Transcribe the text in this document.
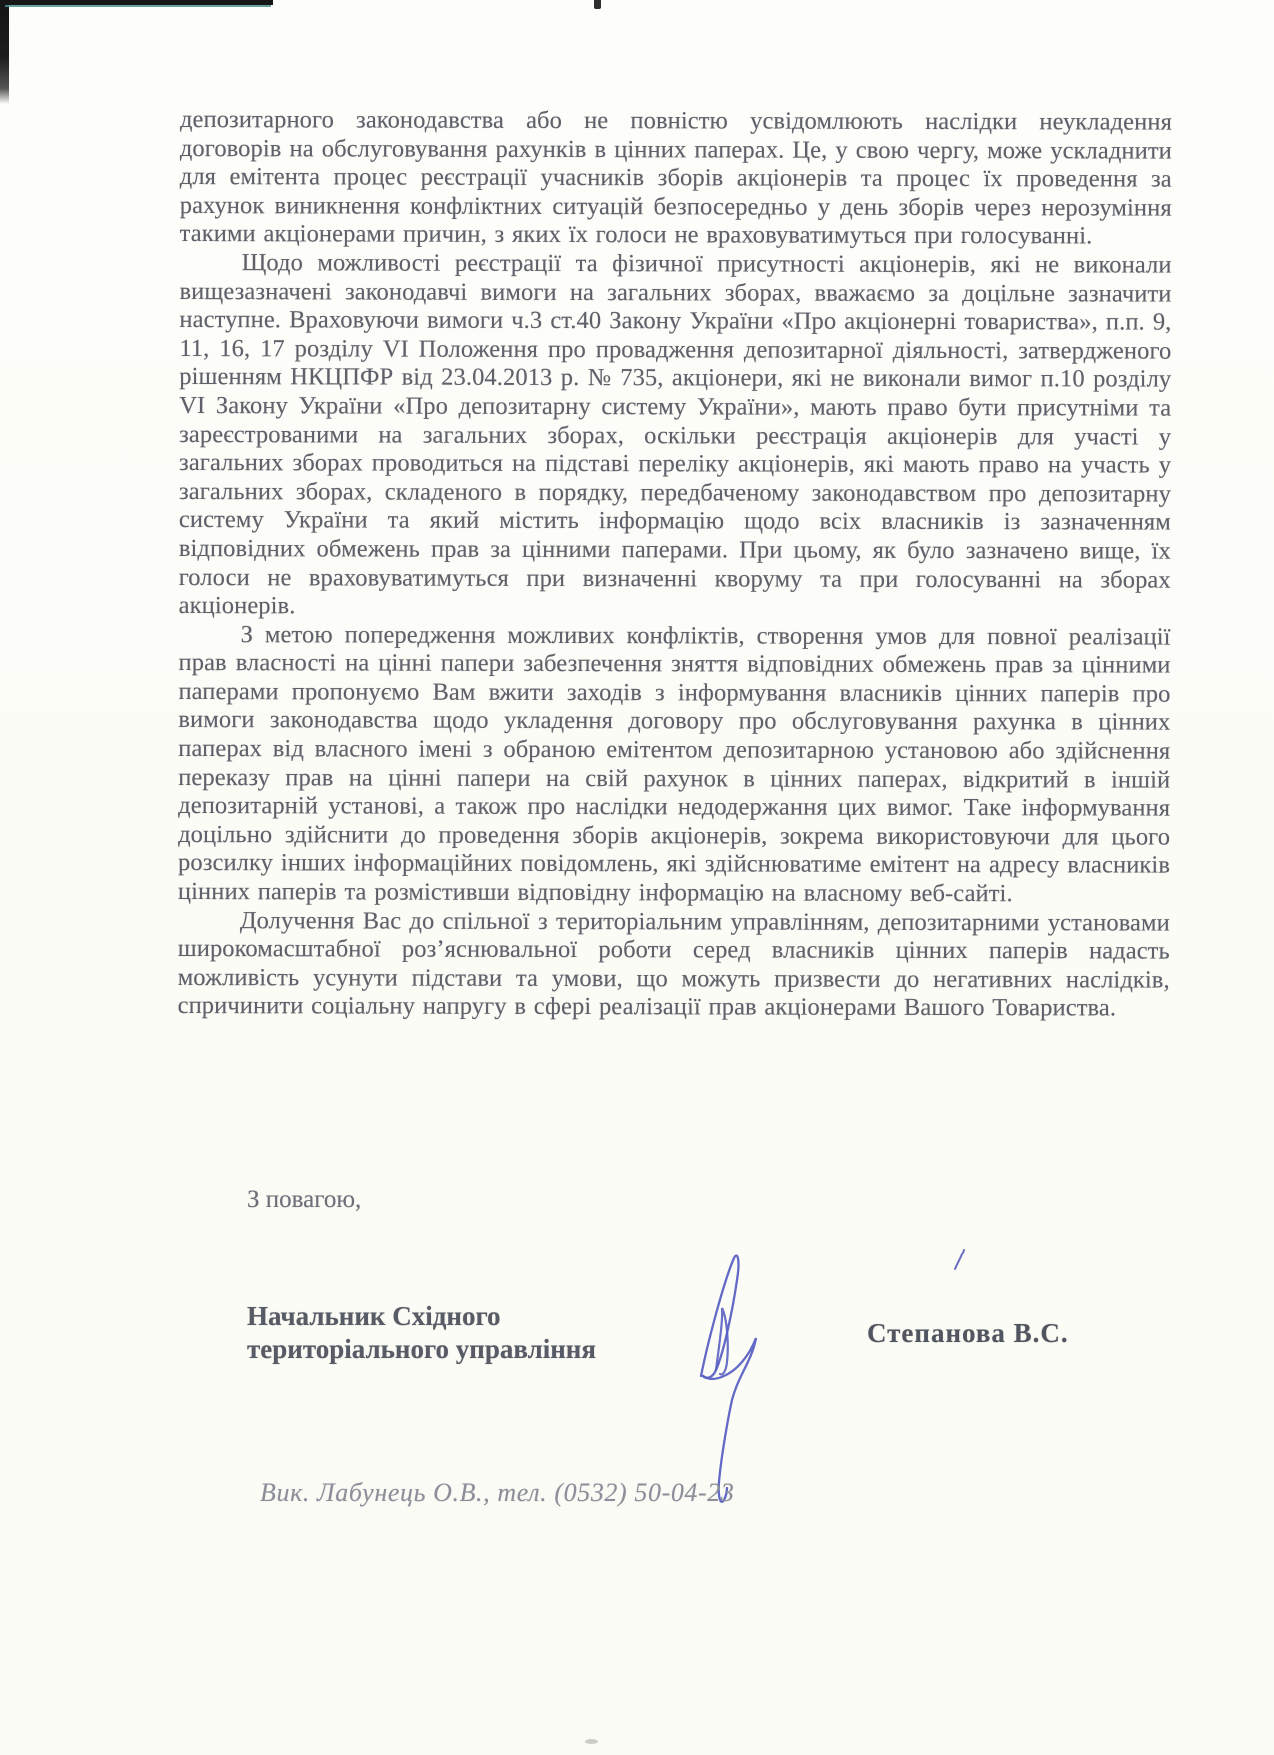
депозитарного законодавства або не повністю усвідомлюють наслідки неукладення договорів на обслуговування рахунків в цінних паперах. Це, у свою чергу, може ускладнити для емітента процес реєстрації учасників зборів акціонерів та процес їх проведення за рахунок виникнення конфліктних ситуацій безпосередньо у день зборів через нерозуміння такими акціонерами причин, з яких їх голоси не враховуватимуться при голосуванні.

Щодо можливості реєстрації та фізичної присутності акціонерів, які не виконали вищезазначені законодавчі вимоги на загальних зборах, вважаємо за доцільне зазначити наступне. Враховуючи вимоги ч.3 ст.40 Закону України «Про акціонерні товариства», п.п. 9, 11, 16, 17 розділу VI Положення про провадження депозитарної діяльності, затвердженого рішенням НКЦПФР від 23.04.2013 р. № 735, акціонери, які не виконали вимог п.10 розділу VI Закону України «Про депозитарну систему України», мають право бути присутніми та зареєстрованими на загальних зборах, оскільки реєстрація акціонерів для участі у загальних зборах проводиться на підставі переліку акціонерів, які мають право на участь у загальних зборах, складеного в порядку, передбаченому законодавством про депозитарну систему України та який містить інформацію щодо всіх власників із зазначенням відповідних обмежень прав за цінними паперами. При цьому, як було зазначено вище, їх голоси не враховуватимуться при визначенні кворуму та при голосуванні на зборах акціонерів.

З метою попередження можливих конфліктів, створення умов для повної реалізації прав власності на цінні папери забезпечення зняття відповідних обмежень прав за цінними паперами пропонуємо Вам вжити заходів з інформування власників цінних паперів про вимоги законодавства щодо укладення договору про обслуговування рахунка в цінних паперах від власного імені з обраною емітентом депозитарною установою або здійснення переказу прав на цінні папери на свій рахунок в цінних паперах, відкритий в іншій депозитарній установі, а також про наслідки недодержання цих вимог. Таке інформування доцільно здійснити до проведення зборів акціонерів, зокрема використовуючи для цього розсилку інших інформаційних повідомлень, які здійснюватиме емітент на адресу власників цінних паперів та розмістивши відповідну інформацію на власному веб-сайті.

Долучення Вас до спільної з територіальним управлінням, депозитарними установами широкомасштабної роз’яснювальної роботи серед власників цінних паперів надасть можливість усунути підстави та умови, що можуть призвести до негативних наслідків, спричинити соціальну напругу в сфері реалізації прав акціонерами Вашого Товариства.

З повагою,
Начальник Східного
територіального управління
Степанова В.С.
Вик. Лабунець О.В., тел. (0532) 50-04-23
